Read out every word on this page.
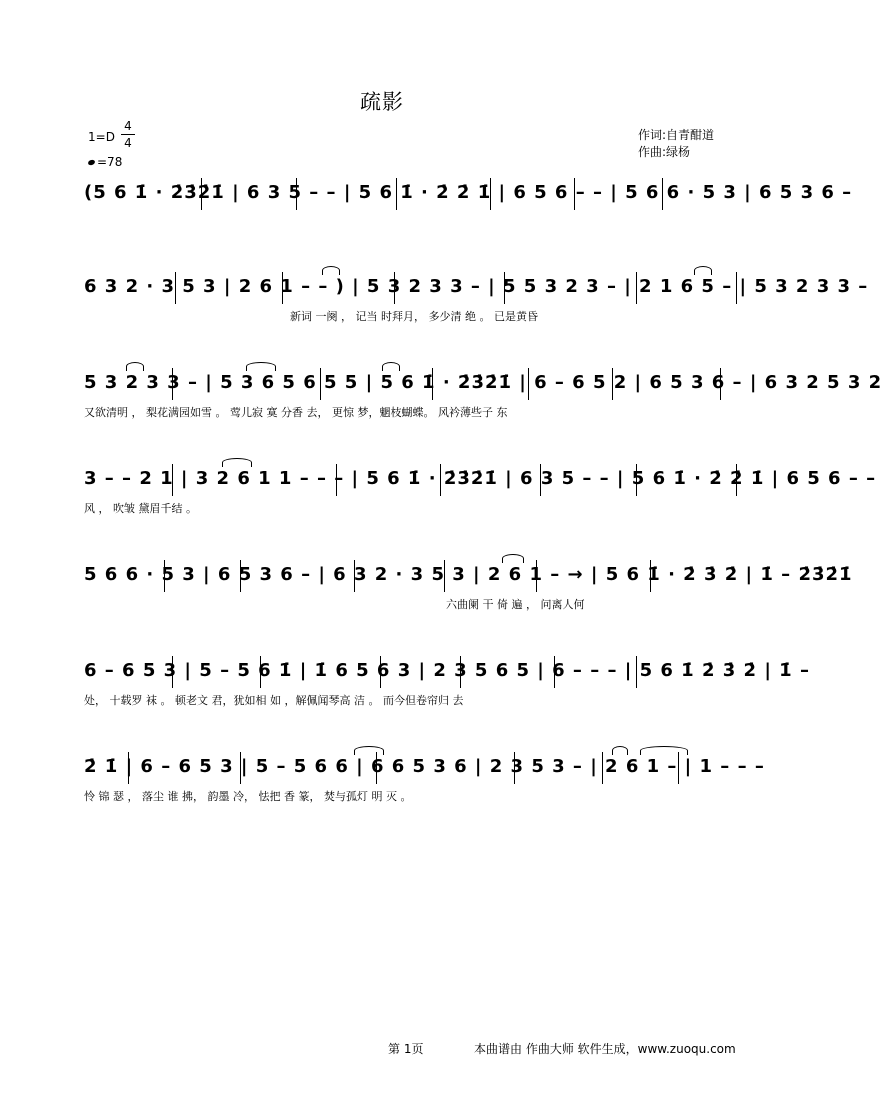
疏影
1=D
4
4
=78
作词:自青酣道
作曲:绿杨
(5 6 1̇ · 2̇3̇2̇1̇ | 6 3 5 – – | 5 6 1̇ · 2̇ 2̇ 1̇ | 6 5 6 – – | 5 6 6 · 5 3 | 6 5 3 6 –
6 3 2 · 3 5 3 | 2 6 1 – – ) | 5 3 2 3 3 – | 5 5 3 2 3 – | 2 1 6 5 – | 5 3 2 3 3 –
新词 一阕 ， 记当 时拜月， 多少清 绝 。 已是黄昏
5 3 2 3 3 – | 5 3 6 5 6 5 5 | 5 6 1̇ · 2̇3̇2̇1̇ | 6 – 6 5 2 | 6 5 3 6 – | 6 3 2 5 3 2
又欲清明 ， 梨花满园如雪 。 莺儿寂 寞 分香 去， 更惊 梦，魍枝蝴蝶。 风衿薄些子 东
3 – – 2 1 | 3 2 6 1 1 – – – | 5 6 1̇ · 2̇3̇2̇1̇ | 6 3 5 – – | 5 6 1̇ · 2̇ 2̇ 1̇ | 6 5 6 – –
风 ， 吹皱 黛眉千结 。
5 6 6 · 5 3 | 6 5 3 6 – | 6 3 2 · 3 5 3 | 2 6 1 – → | 5 6 1̇ · 2̇ 3̇ 2̇ | 1̇ – 2̇3̇2̇1̇
六曲阑 干 倚 遍 ， 问离人何
6 – 6 5 3 | 5 – 5 6 1̇ | 1̇ 6 5 6 3 | 2 3 5 6 5 | 6 – – – | 5 6 1̇ 2̇ 3̇ 2̇ | 1̇ –
处， 十载罗 袜 。 顿老文 君，犹如相 如 ，解佩闻琴高 洁 。 而今但卷帘归 去
2̇ 1̇ | 6 – 6 5 3 | 5 – 5 6 6 | 6 6 5 3 6 | 2 3 5 3 – | 2 6 1 – | 1 – – –
怜 锦 瑟 ， 落尘 谁 拂， 韵墨 冷， 怯把 香 篆， 焚与孤灯 明 灭 。
第 1页	本曲谱由 作曲大师 软件生成，www.zuoqu.com
